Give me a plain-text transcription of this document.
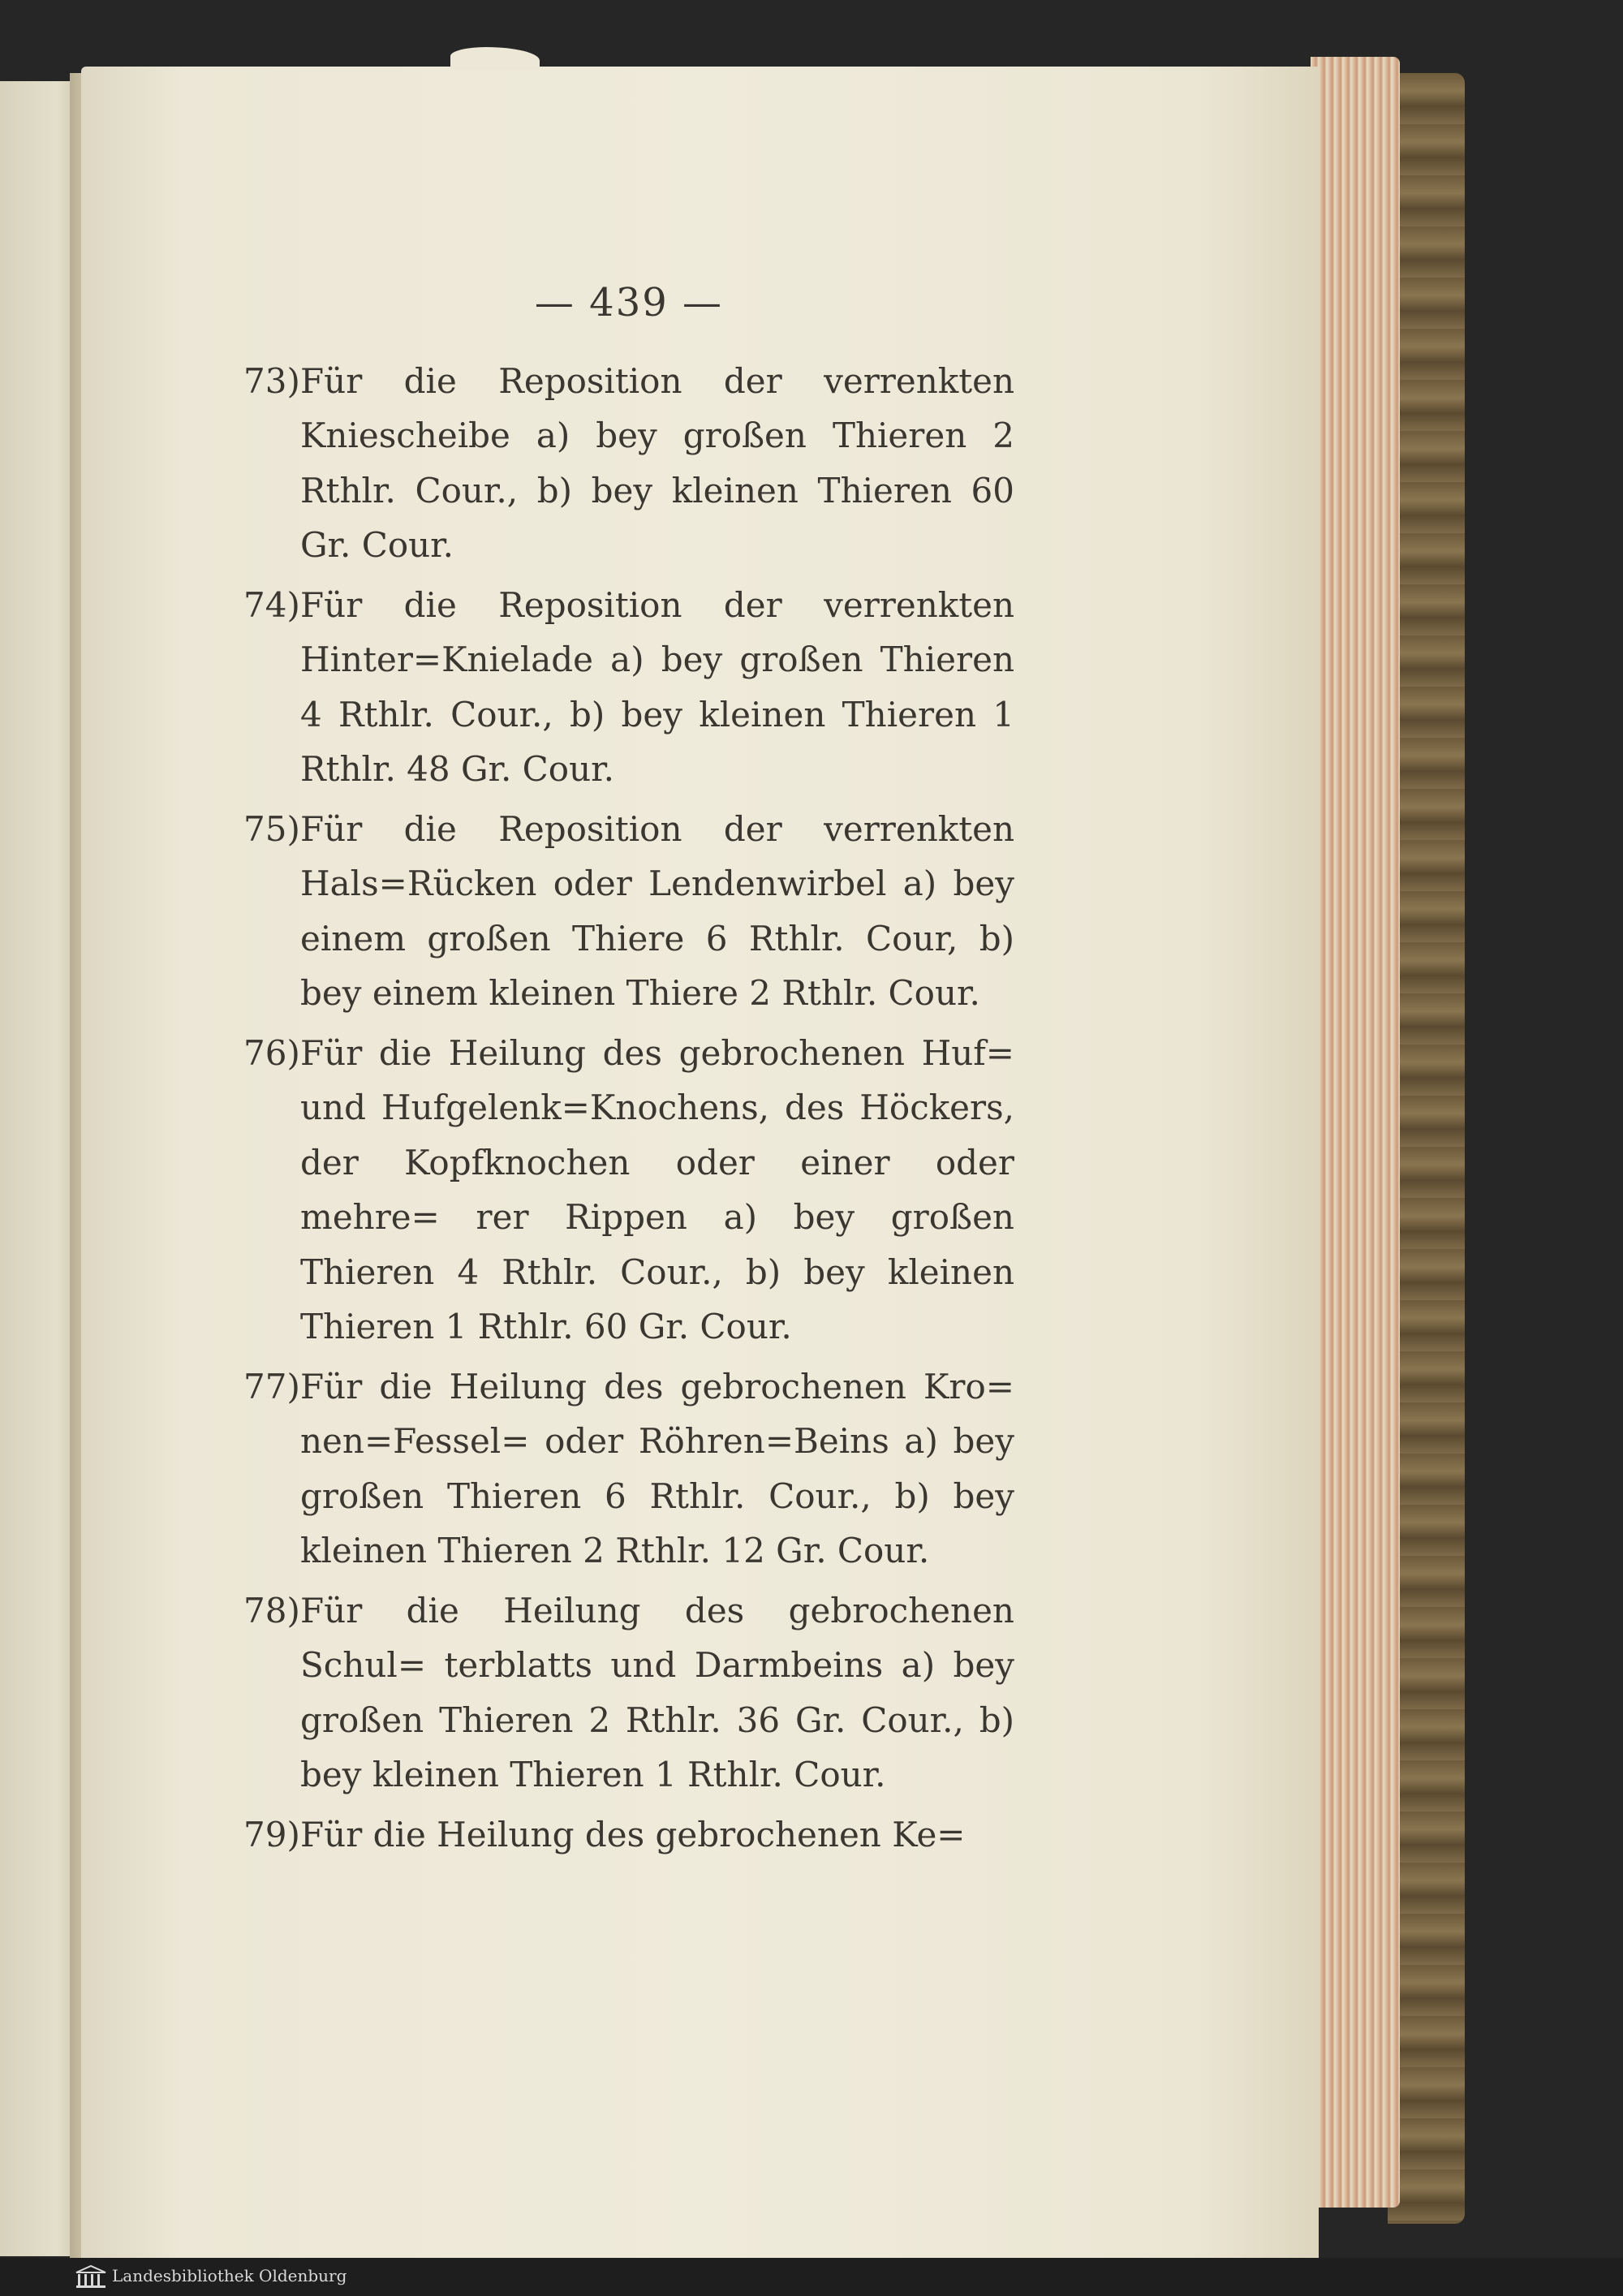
— 439 —

73)Für die Reposition der verrenkten Kniescheibe a) bey großen Thieren 2 Rthlr. Cour., b) bey kleinen Thieren 60 Gr. Cour.

74)Für die Reposition der verrenkten Hinter=Knielade a) bey großen Thieren 4 Rthlr. Cour., b) bey kleinen Thieren 1 Rthlr. 48 Gr. Cour.

75)Für die Reposition der verrenkten Hals=Rücken oder Lendenwirbel a) bey einem großen Thiere 6 Rthlr. Cour, b) bey einem kleinen Thiere 2 Rthlr. Cour.

76)Für die Heilung des gebrochenen Huf= und Hufgelenk=Knochens, des Höckers, der Kopfknochen oder einer oder mehre= rer Rippen a) bey großen Thieren 4 Rthlr. Cour., b) bey kleinen Thieren 1 Rthlr. 60 Gr. Cour.

77)Für die Heilung des gebrochenen Kro= nen=Fessel= oder Röhren=Beins a) bey großen Thieren 6 Rthlr. Cour., b) bey kleinen Thieren 2 Rthlr. 12 Gr. Cour.

78)Für die Heilung des gebrochenen Schul= terblatts und Darmbeins a) bey großen Thieren 2 Rthlr. 36 Gr. Cour., b) bey kleinen Thieren 1 Rthlr. Cour.

79)Für die Heilung des gebrochenen Ke=

Landesbibliothek Oldenburg
